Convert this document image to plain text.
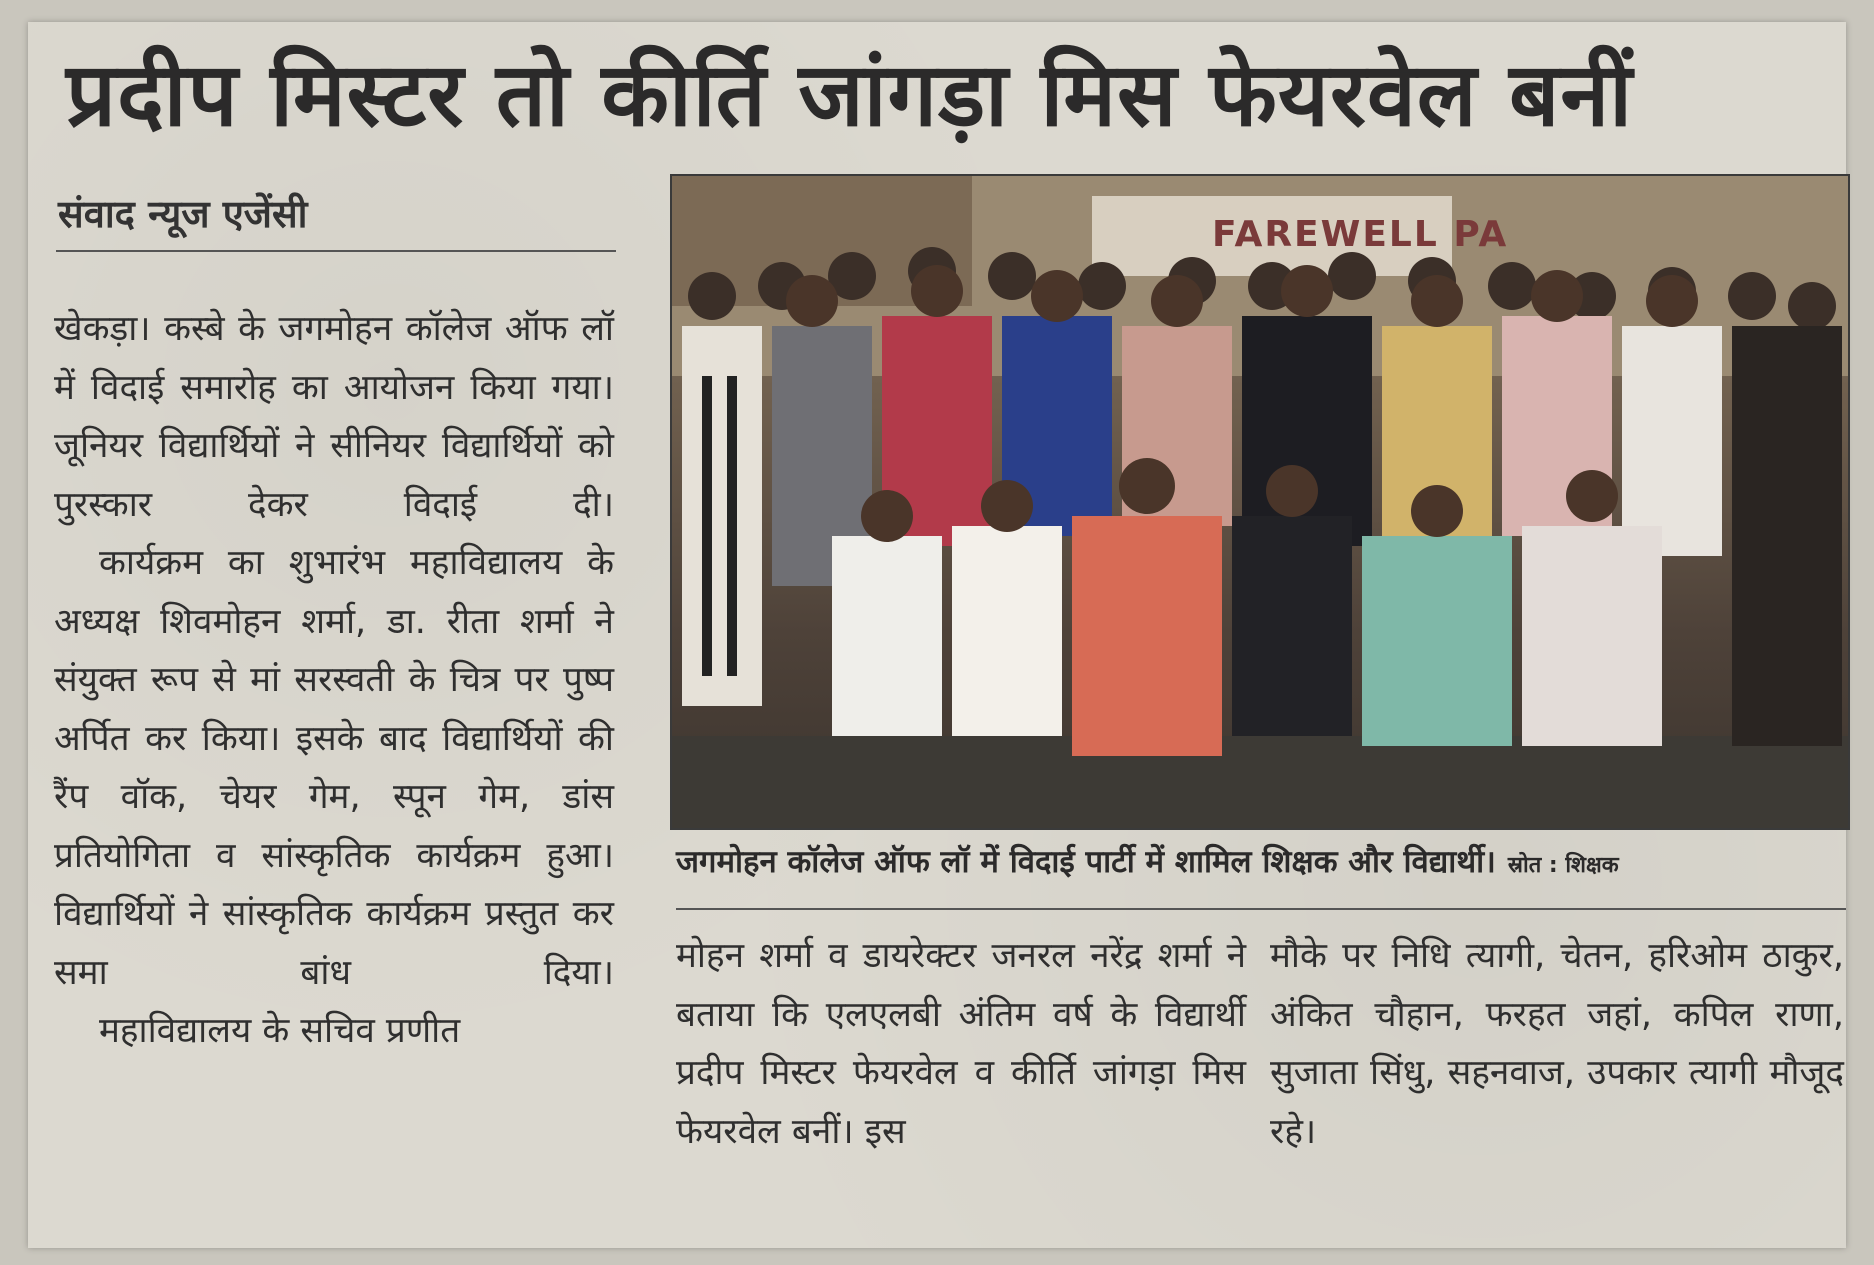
प्रदीप मिस्टर तो कीर्ति जांगड़ा मिस फेयरवेल बनीं
संवाद न्यूज एजेंसी

खेकड़ा। कस्बे के जगमोहन कॉलेज ऑफ लॉ में विदाई समारोह का आयोजन किया गया। जूनियर विद्यार्थियों ने सीनियर विद्यार्थियों को पुरस्कार देकर विदाई दी।

कार्यक्रम का शुभारंभ महाविद्यालय के अध्यक्ष शिवमोहन शर्मा, डा. रीता शर्मा ने संयुक्त रूप से मां सरस्वती के चित्र पर पुष्प अर्पित कर किया। इसके बाद विद्यार्थियों की रैंप वॉक, चेयर गेम, स्पून गेम, डांस प्रतियोगिता व सांस्कृतिक कार्यक्रम हुआ। विद्यार्थियों ने सांस्कृतिक कार्यक्रम प्रस्तुत कर समा बांध दिया।

महाविद्यालय के सचिव प्रणीत

FAREWELL PA
जगमोहन कॉलेज ऑफ लॉ में विदाई पार्टी में शामिल शिक्षक और विद्यार्थी। स्रोत : शिक्षक

मोहन शर्मा व डायरेक्टर जनरल नरेंद्र शर्मा ने बताया कि एलएलबी अंतिम वर्ष के विद्यार्थी प्रदीप मिस्टर फेयरवेल व कीर्ति जांगड़ा मिस फेयरवेल बनीं। इस

मौके पर निधि त्यागी, चेतन, हरिओम ठाकुर, अंकित चौहान, फरहत जहां, कपिल राणा, सुजाता सिंधु, सहनवाज, उपकार त्यागी मौजूद रहे।
